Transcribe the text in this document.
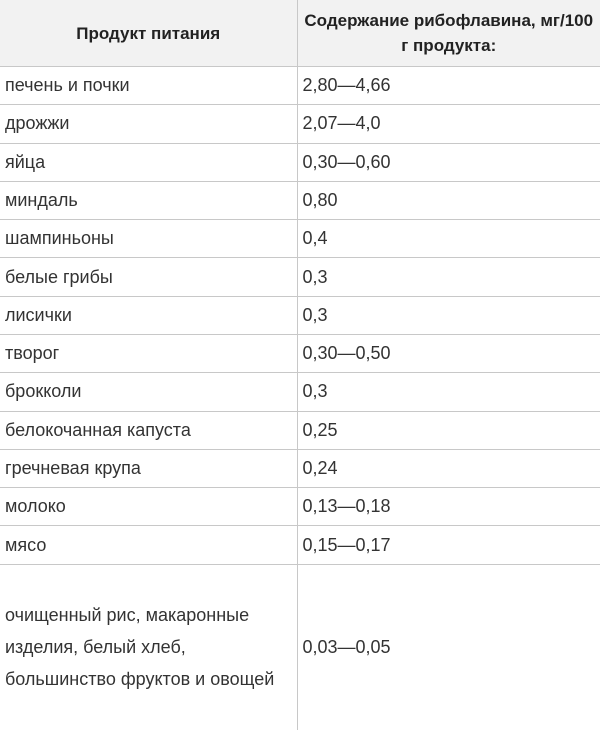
Продукт питания	Содержание рибофлавина, мг/100 г продукта:
печень и почки	2,80—4,66
дрожжи	2,07—4,0
яйца	0,30—0,60
миндаль	0,80
шампиньоны	0,4
белые грибы	0,3
лисички	0,3
творог	0,30—0,50
брокколи	0,3
белокочанная капуста	0,25
гречневая крупа	0,24
молоко	0,13—0,18
мясо	0,15—0,17
очищенный рис, макаронные изделия, белый хлеб, большинство фруктов и овощей	0,03—0,05
